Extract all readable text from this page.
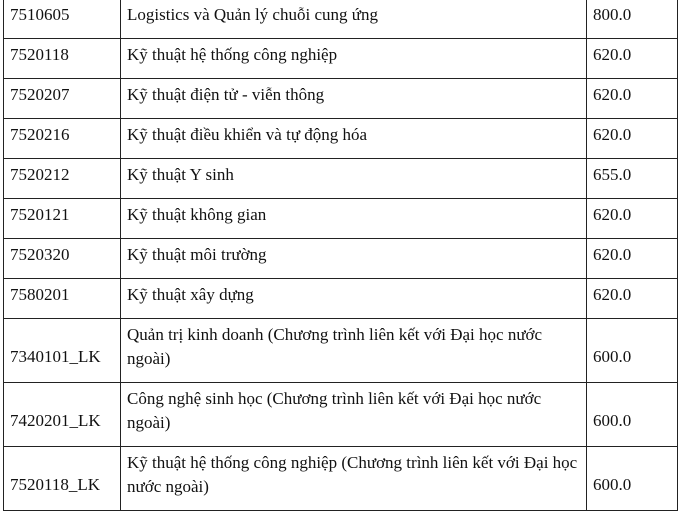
7510605	Logistics và Quản lý chuỗi cung ứng	800.0
7520118	Kỹ thuật hệ thống công nghiệp	620.0
7520207	Kỹ thuật điện tử - viễn thông	620.0
7520216	Kỹ thuật điều khiển và tự động hóa	620.0
7520212	Kỹ thuật Y sinh	655.0
7520121	Kỹ thuật không gian	620.0
7520320	Kỹ thuật môi trường	620.0
7580201	Kỹ thuật xây dựng	620.0
7340101_LK	Quản trị kinh doanh (Chương trình liên kết với Đại học nước ngoài)	600.0
7420201_LK	Công nghệ sinh học (Chương trình liên kết với Đại học nước ngoài)	600.0
7520118_LK	Kỹ thuật hệ thống công nghiệp (Chương trình liên kết với Đại học nước ngoài)	600.0
